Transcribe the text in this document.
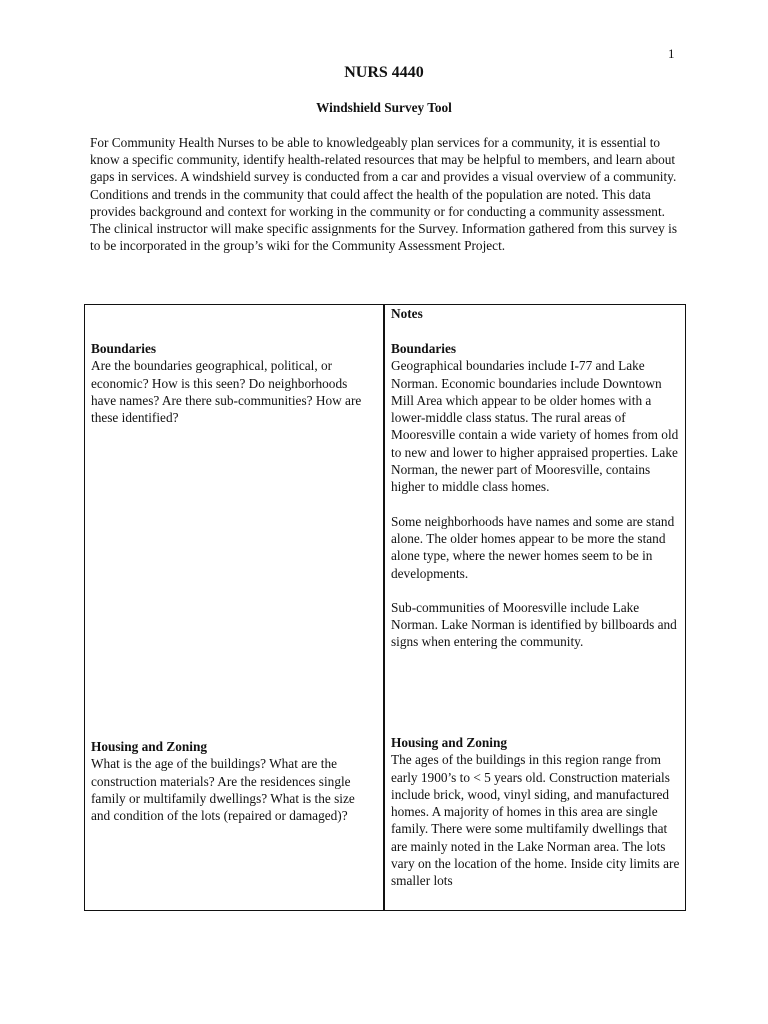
1
NURS 4440
Windshield Survey Tool

For Community Health Nurses to be able to knowledgeably plan services for a community, it is essential to know a specific community, identify health-related resources that may be helpful to members, and learn about gaps in services. A windshield survey is conducted from a car and provides a visual overview of a community. Conditions and trends in the community that could affect the health of the population are noted. This data provides background and context for working in the community or for conducting a community assessment. The clinical instructor will make specific assignments for the Survey. Information gathered from this survey is to be incorporated in the group’s wiki for the Community Assessment Project.

Notes
Boundaries
Are the boundaries geographical, political, or economic? How is this seen? Do neighborhoods have names? Are there sub-communities? How are these identified?
Boundaries
Geographical boundaries include I-77 and Lake Norman. Economic boundaries include Downtown Mill Area which appear to be older homes with a lower-middle class status. The rural areas of Mooresville contain a wide variety of homes from old to new and lower to higher appraised properties. Lake Norman, the newer part of Mooresville, contains higher to middle class homes.
Some neighborhoods have names and some are stand alone. The older homes appear to be more the stand alone type, where the newer homes seem to be in developments.
Sub-communities of Mooresville include Lake Norman. Lake Norman is identified by billboards and signs when entering the community.
Housing and Zoning
What is the age of the buildings? What are the construction materials? Are the residences single family or multifamily dwellings? What is the size and condition of the lots (repaired or damaged)?
Housing and Zoning
The ages of the buildings in this region range from early 1900’s to < 5 years old. Construction materials include brick, wood, vinyl siding, and manufactured homes. A majority of homes in this area are single family. There were some multifamily dwellings that are mainly noted in the Lake Norman area. The lots vary on the location of the home. Inside city limits are smaller lots
